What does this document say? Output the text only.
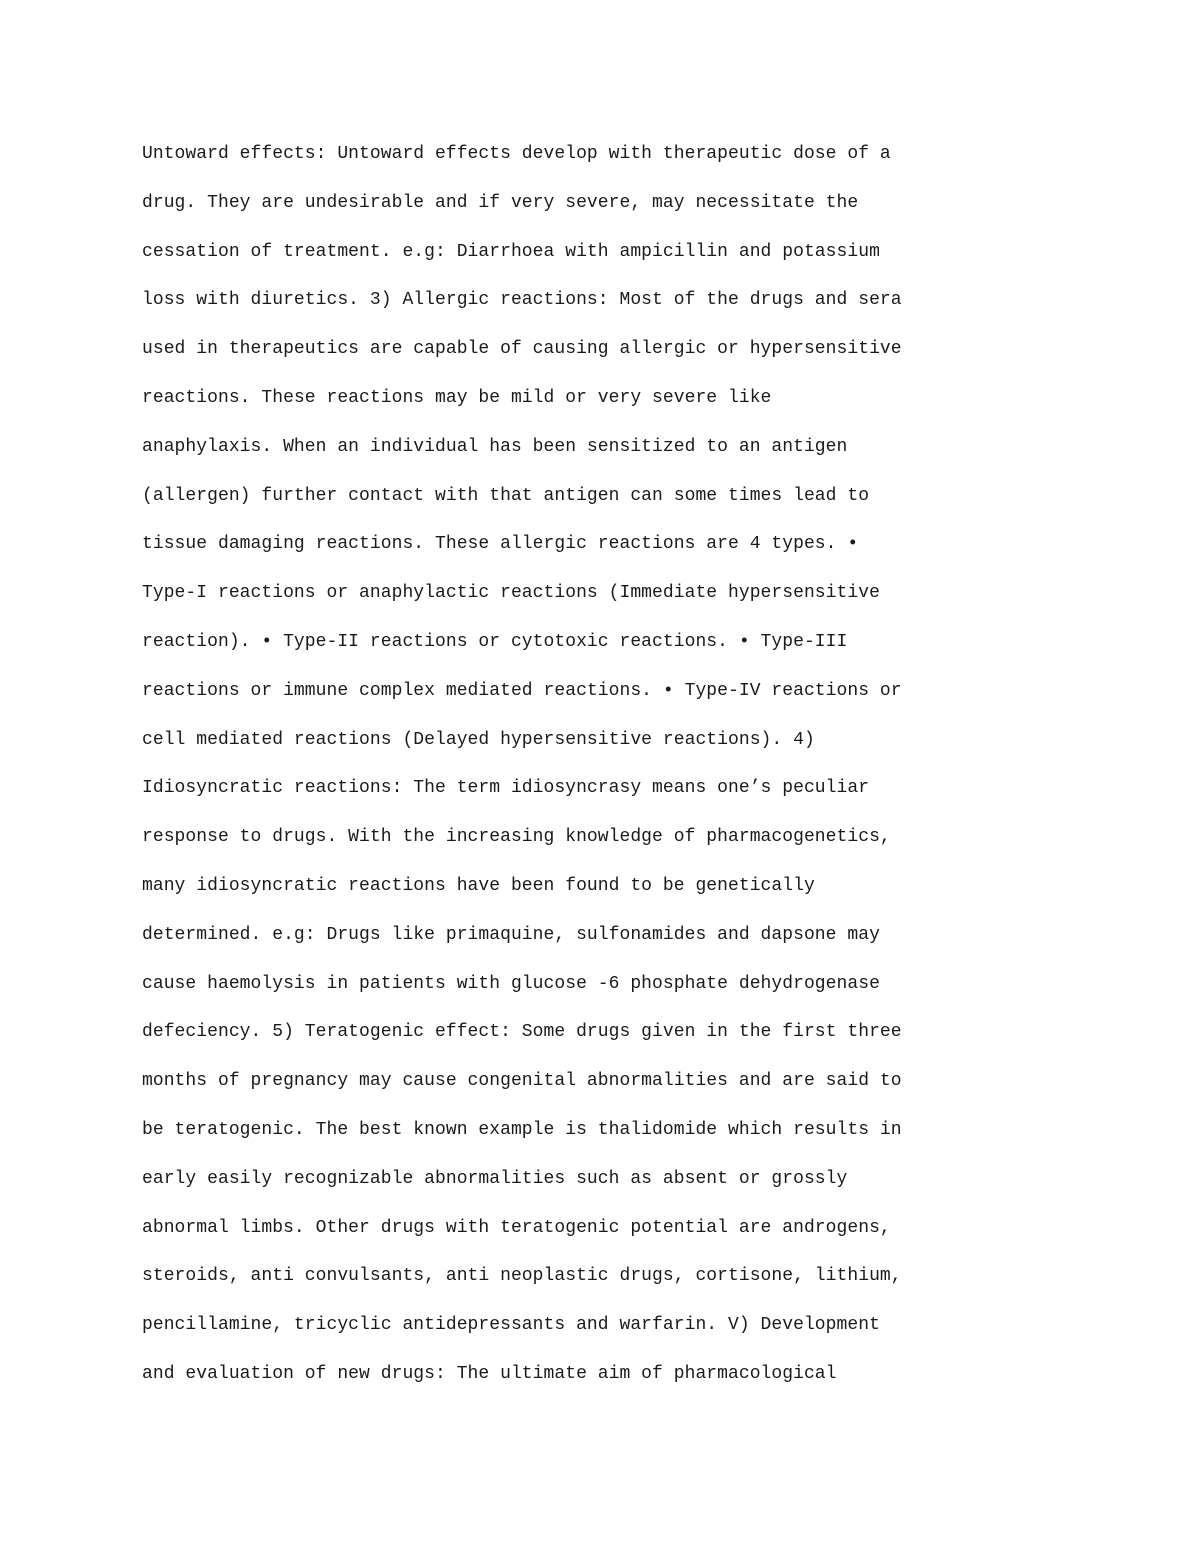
Untoward effects: Untoward effects develop with therapeutic dose of a
drug. They are undesirable and if very severe, may necessitate the
cessation of treatment. e.g: Diarrhoea with ampicillin and potassium
loss with diuretics. 3) Allergic reactions: Most of the drugs and sera
used in therapeutics are capable of causing allergic or hypersensitive
reactions. These reactions may be mild or very severe like
anaphylaxis. When an individual has been sensitized to an antigen
(allergen) further contact with that antigen can some times lead to
tissue damaging reactions. These allergic reactions are 4 types. •
Type-I reactions or anaphylactic reactions (Immediate hypersensitive
reaction). • Type-II reactions or cytotoxic reactions. • Type-III
reactions or immune complex mediated reactions. • Type-IV reactions or
cell mediated reactions (Delayed hypersensitive reactions). 4)
Idiosyncratic reactions: The term idiosyncrasy means one’s peculiar
response to drugs. With the increasing knowledge of pharmacogenetics,
many idiosyncratic reactions have been found to be genetically
determined. e.g: Drugs like primaquine, sulfonamides and dapsone may
cause haemolysis in patients with glucose -6 phosphate dehydrogenase
defeciency. 5) Teratogenic effect: Some drugs given in the first three
months of pregnancy may cause congenital abnormalities and are said to
be teratogenic. The best known example is thalidomide which results in
early easily recognizable abnormalities such as absent or grossly
abnormal limbs. Other drugs with teratogenic potential are androgens,
steroids, anti convulsants, anti neoplastic drugs, cortisone, lithium,
pencillamine, tricyclic antidepressants and warfarin. V) Development
and evaluation of new drugs: The ultimate aim of pharmacological
